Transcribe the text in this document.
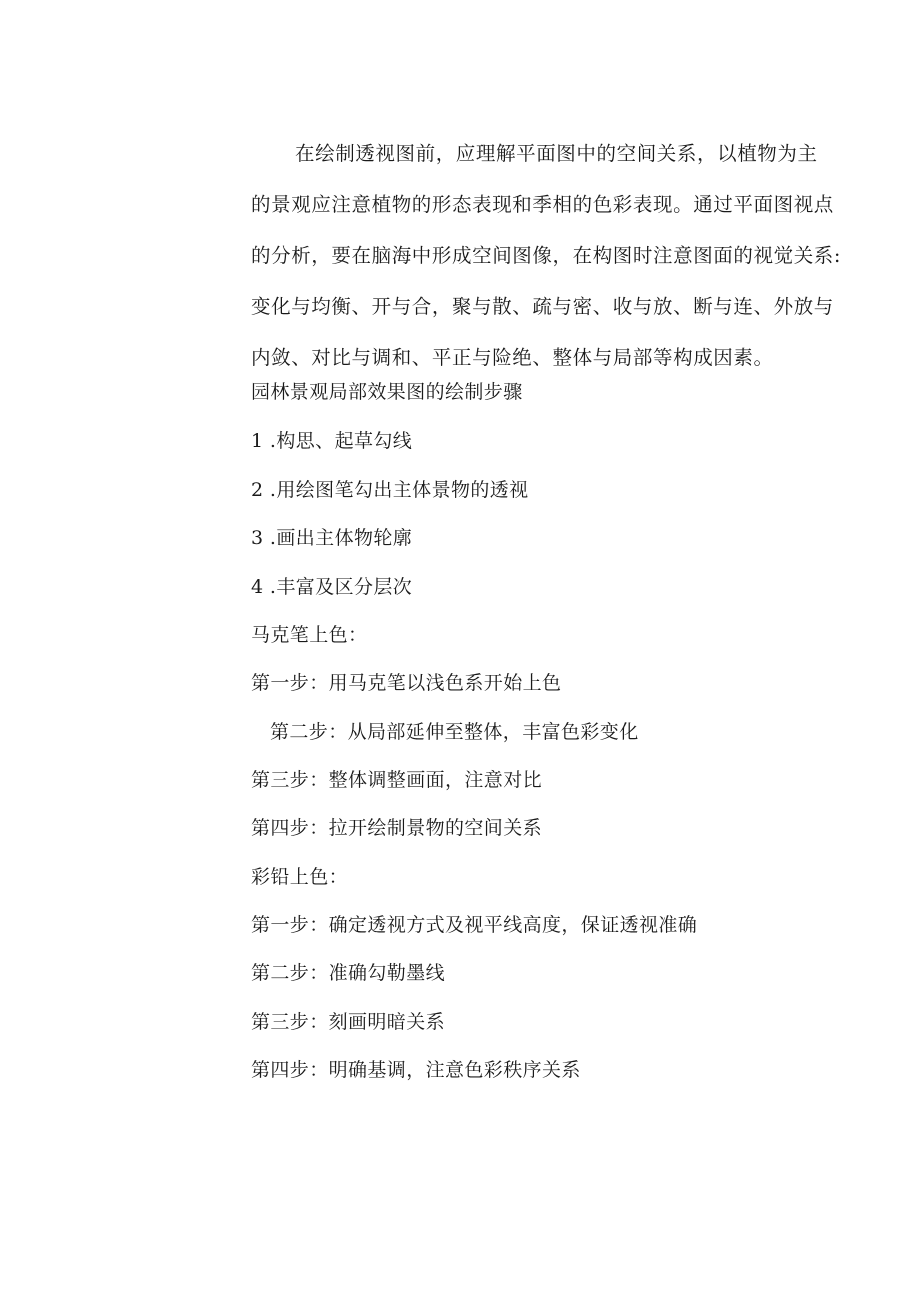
在绘制透视图前，应理解平面图中的空间关系，以植物为主
的景观应注意植物的形态表现和季相的色彩表现。通过平面图视点
的分析，要在脑海中形成空间图像，在构图时注意图面的视觉关系:
变化与均衡、开与合，聚与散、疏与密、收与放、断与连、外放与
内敛、对比与调和、平正与险绝、整体与局部等构成因素。

园林景观局部效果图的绘制步骤
1 .构思、起草勾线
2 .用绘图笔勾出主体景物的透视
3 .画出主体物轮廓
4 .丰富及区分层次
马克笔上色：
第一步：用马克笔以浅色系开始上色
第二步：从局部延伸至整体，丰富色彩变化
第三步：整体调整画面，注意对比
第四步：拉开绘制景物的空间关系
彩铅上色：
第一步：确定透视方式及视平线高度，保证透视准确
第二步：准确勾勒墨线
第三步：刻画明暗关系
第四步：明确基调，注意色彩秩序关系
